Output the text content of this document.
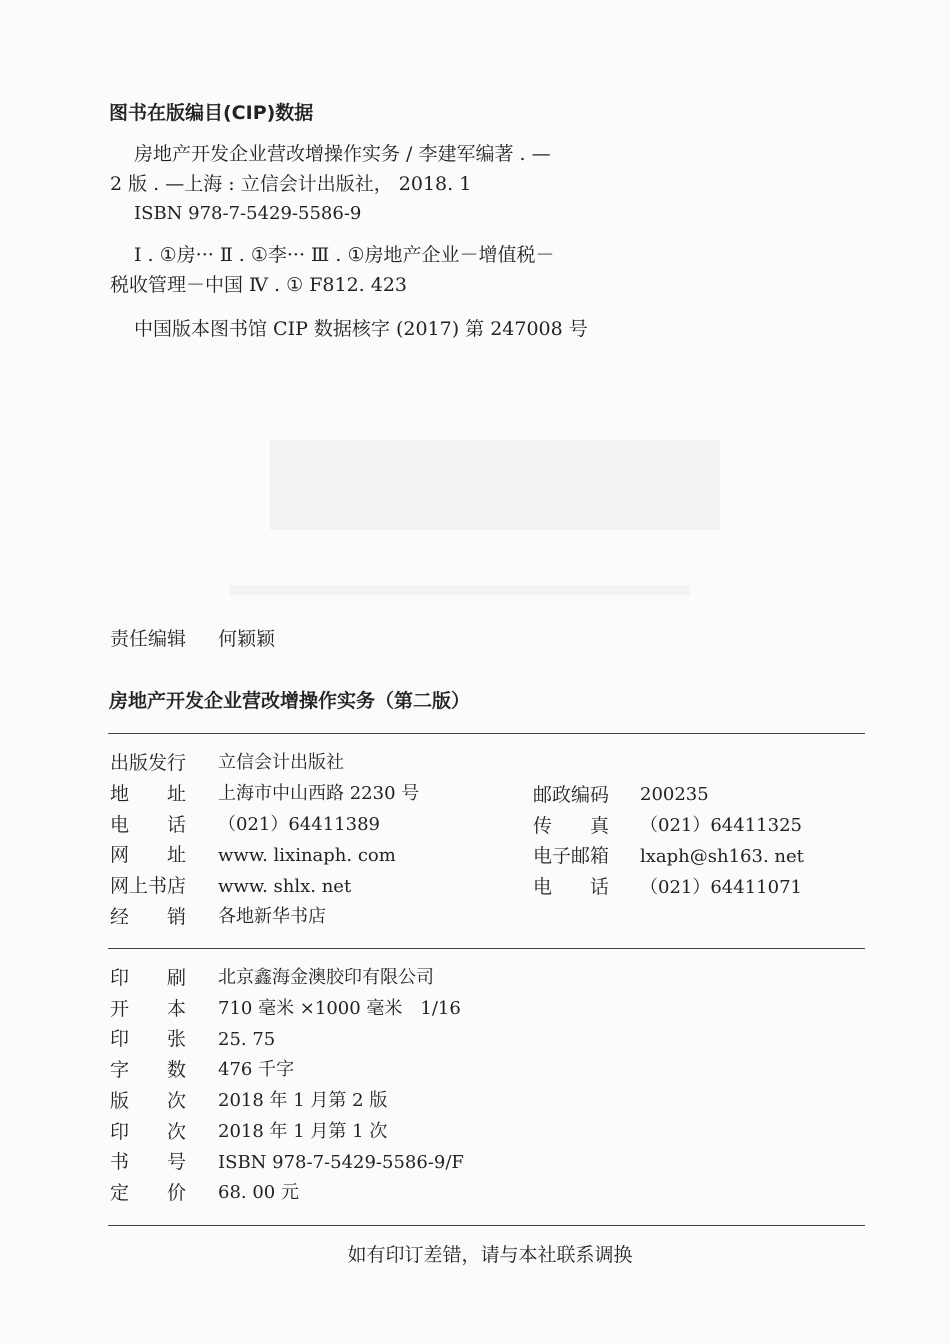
图书在版编目(CIP)数据
房地产开发企业营改增操作实务 / 李建军编著 . —
2 版 . —上海 : 立信会计出版社， 2018. 1
ISBN 978-7-5429-5586-9
Ⅰ . ①房··· Ⅱ . ①李··· Ⅲ . ①房地产企业－增值税－
税收管理－中国 Ⅳ . ① F812. 423
中国版本图书馆 CIP 数据核字 (2017) 第 247008 号
责任编辑 何颖颖
房地产开发企业营改增操作实务（第二版）
出版发行 立信会计出版社
地　　址 上海市中山西路 2230 号	邮政编码 200235
电　　话 （021）64411389	传　　真 （021）64411325
网　　址 www. lixinaph. com	电子邮箱 lxaph@sh163. net
网上书店 www. shlx. net	电　　话 （021）64411071
经　　销 各地新华书店
印　　刷 北京鑫海金澳胶印有限公司
开　　本 710 毫米 ×1000 毫米　1/16
印　　张 25. 75
字　　数 476 千字
版　　次 2018 年 1 月第 2 版
印　　次 2018 年 1 月第 1 次
书　　号 ISBN 978-7-5429-5586-9/F
定　　价 68. 00 元
如有印订差错，请与本社联系调换
